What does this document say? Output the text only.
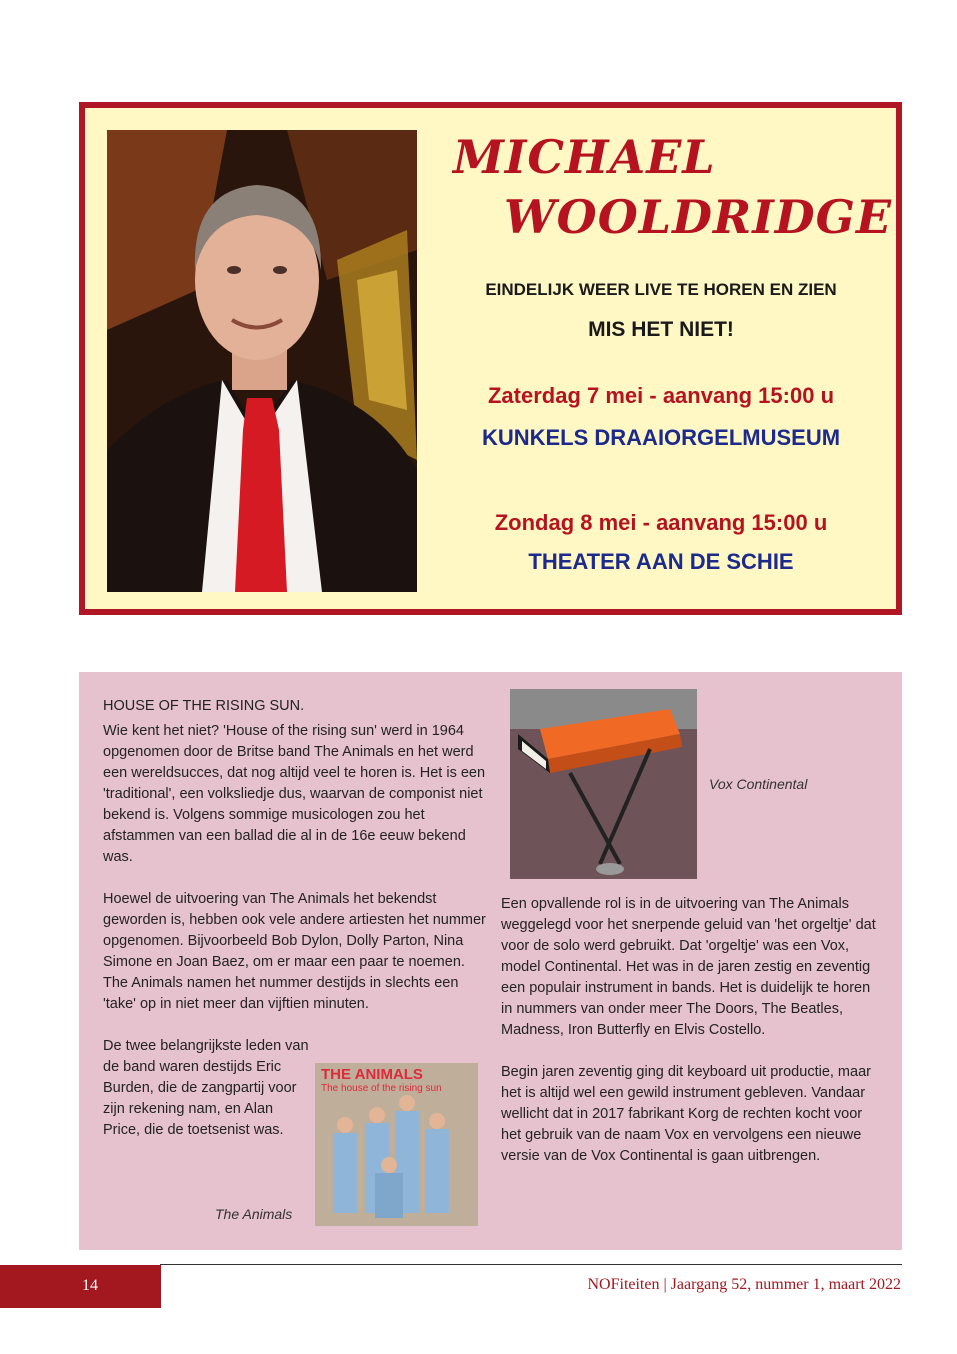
MICHAEL
WOOLDRIDGE
EINDELIJK WEER LIVE TE HOREN EN ZIEN
MIS HET NIET!
Zaterdag 7 mei - aanvang 15:00 u
KUNKELS DRAAIORGELMUSEUM
Zondag 8 mei - aanvang 15:00 u
THEATER AAN DE SCHIE
HOUSE OF THE RISING SUN.

Wie kent het niet? 'House of the rising sun' werd in 1964 opgenomen door de Britse band The Animals en het werd een wereldsucces, dat nog altijd veel te horen is. Het is een 'traditional', een volksliedje dus, waarvan de componist niet bekend is. Volgens sommige musicologen zou het afstammen van een ballad die al in de 16e eeuw bekend was.

Hoewel de uitvoering van The Animals het bekendst geworden is, hebben ook vele andere artiesten het nummer opgenomen. Bijvoorbeeld Bob Dylon, Dolly Parton, Nina Simone en Joan Baez, om er maar een paar te noemen. The Animals namen het nummer destijds in slechts een 'take' op in niet meer dan vijftien minuten.

De twee belangrijkste leden van de band waren destijds Eric Burden, die de zangpartij voor zijn rekening nam, en Alan Price, die de toetsenist was.

Vox Continental

Een opvallende rol is in de uitvoering van The Animals weggelegd voor het snerpende geluid van 'het orgeltje' dat voor de solo werd gebruikt. Dat 'orgeltje' was een Vox, model Continental. Het was in de jaren zestig en zeventig een populair instrument in bands. Het is duidelijk te horen in nummers van onder meer The Doors, The Beatles, Madness, Iron Butterfly en Elvis Costello.

Begin jaren zeventig ging dit keyboard uit productie, maar het is altijd wel een gewild instrument gebleven. Vandaar wellicht dat in 2017 fabrikant Korg de rechten kocht voor het gebruik van de naam Vox en vervolgens een nieuwe versie van de Vox Continental is gaan uitbrengen.

THE ANIMALS
The house of the rising sun
The Animals
14	NOFiteiten | Jaargang 52, nummer 1, maart 2022
